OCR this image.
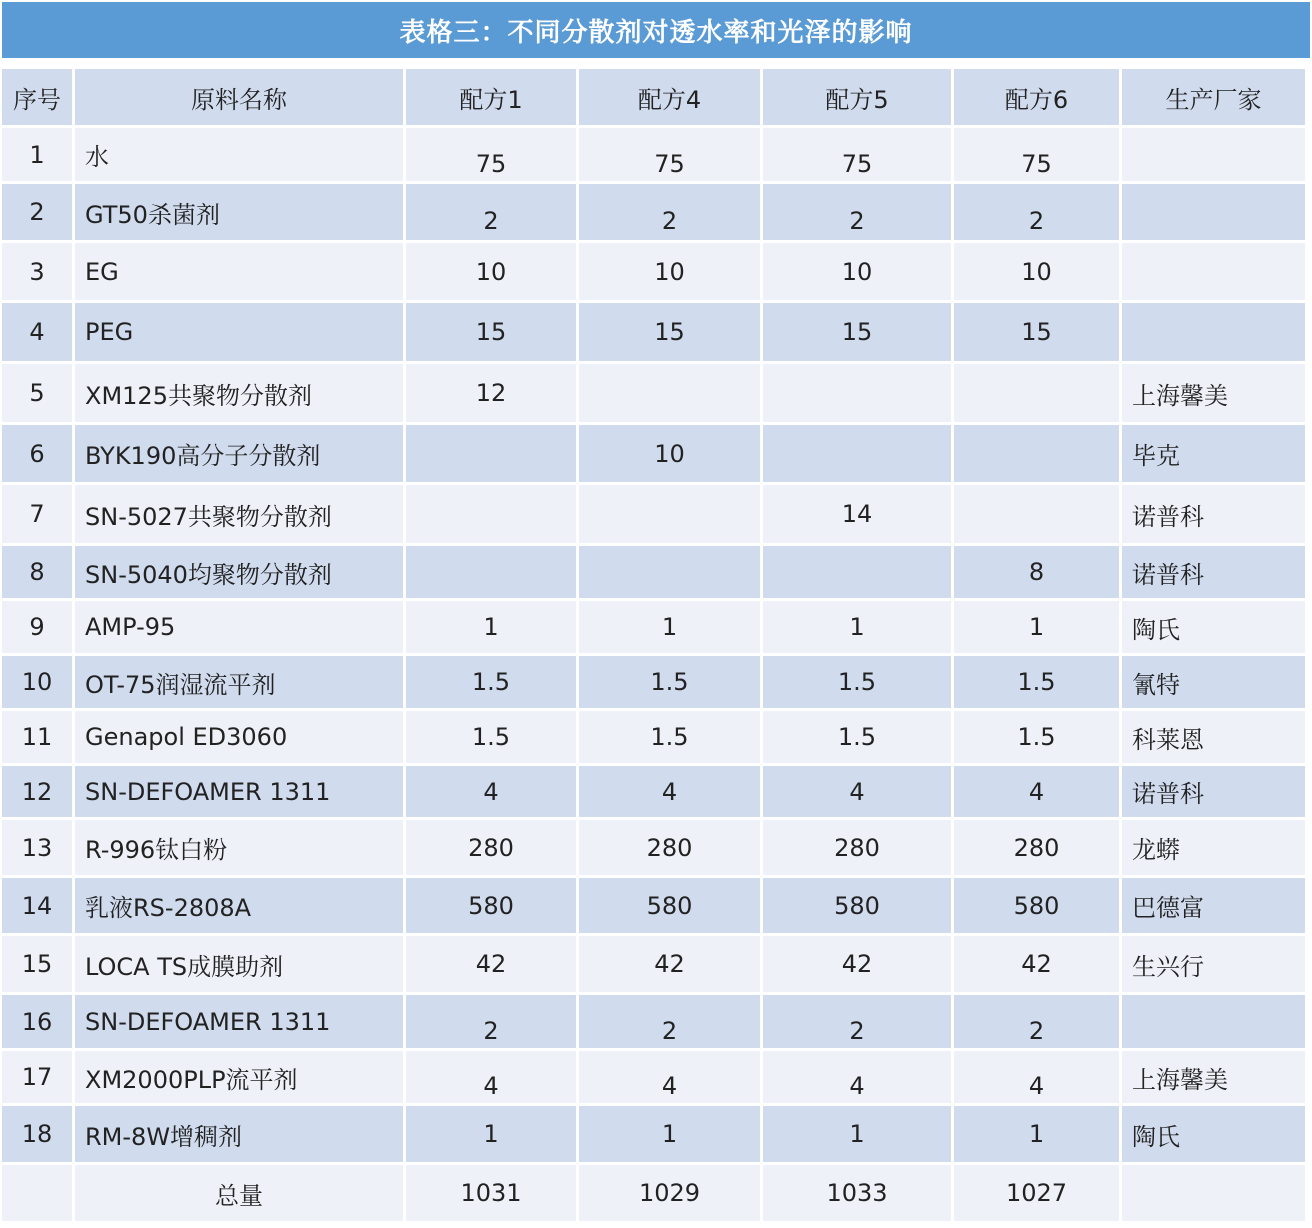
表格三：不同分散剂对透水率和光泽的影响
序号	原料名称	配方1	配方4	配方5	配方6	生产厂家
1	水	75	75	75	75	
2	GT50杀菌剂	2	2	2	2	
3	EG	10	10	10	10	
4	PEG	15	15	15	15	
5	XM125共聚物分散剂	12				上海馨美
6	BYK190高分子分散剂		10			毕克
7	SN-5027共聚物分散剂			14		诺普科
8	SN-5040均聚物分散剂				8	诺普科
9	AMP-95	1	1	1	1	陶氏
10	OT-75润湿流平剂	1.5	1.5	1.5	1.5	氰特
11	Genapol ED3060	1.5	1.5	1.5	1.5	科莱恩
12	SN-DEFOAMER 1311	4	4	4	4	诺普科
13	R-996钛白粉	280	280	280	280	龙蟒
14	乳液RS-2808A	580	580	580	580	巴德富
15	LOCA TS成膜助剂	42	42	42	42	生兴行
16	SN-DEFOAMER 1311	2	2	2	2	
17	XM2000PLP流平剂	4	4	4	4	上海馨美
18	RM-8W增稠剂	1	1	1	1	陶氏
	总量	1031	1029	1033	1027	
